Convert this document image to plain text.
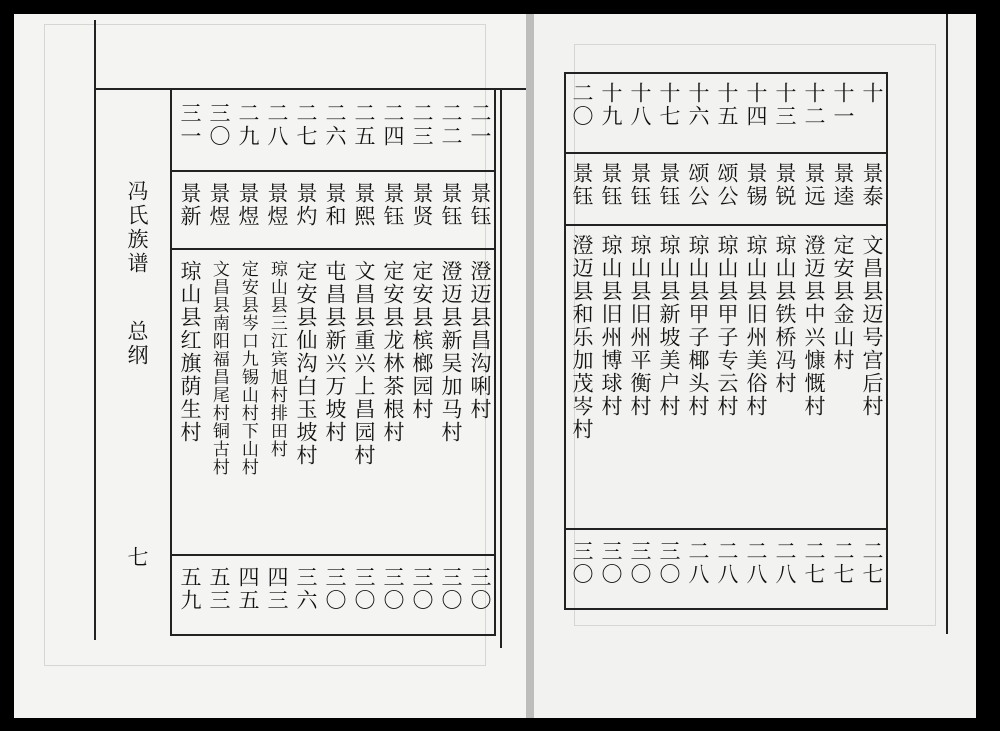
冯氏族谱
总纲
七
二一
景钰
澄迈县昌沟唎村
三〇
二二
景钰
澄迈县新吴加马村
三〇
二三
景贤
定安县槟榔园村
三〇
二四
景钰
定安县龙林茶根村
三〇
二五
景熙
文昌县重兴上昌园村
三〇
二六
景和
屯昌县新兴万坡村
三〇
二七
景灼
定安县仙沟白玉坡村
三六
二八
景煜
琼山县三江宾旭村排田村
四三
二九
景煜
定安县岑口九锡山村下山村
四五
三〇
景煜
文昌县南阳福昌尾村铜古村
五三
三一
景新
琼山县红旗荫生村
五九
十
景泰
文昌县迈号宫后村
二七
十一
景逵
定安县金山村
二七
十二
景远
澄迈县中兴慷慨村
二七
十三
景锐
琼山县铁桥冯村
二八
十四
景锡
琼山县旧州美俗村
二八
十五
颂公
琼山县甲子专云村
二八
十六
颂公
琼山县甲子椰头村
二八
十七
景钰
琼山县新坡美户村
三〇
十八
景钰
琼山县旧州平衡村
三〇
十九
景钰
琼山县旧州博球村
三〇
二〇
景钰
澄迈县和乐加茂岑村
三〇
